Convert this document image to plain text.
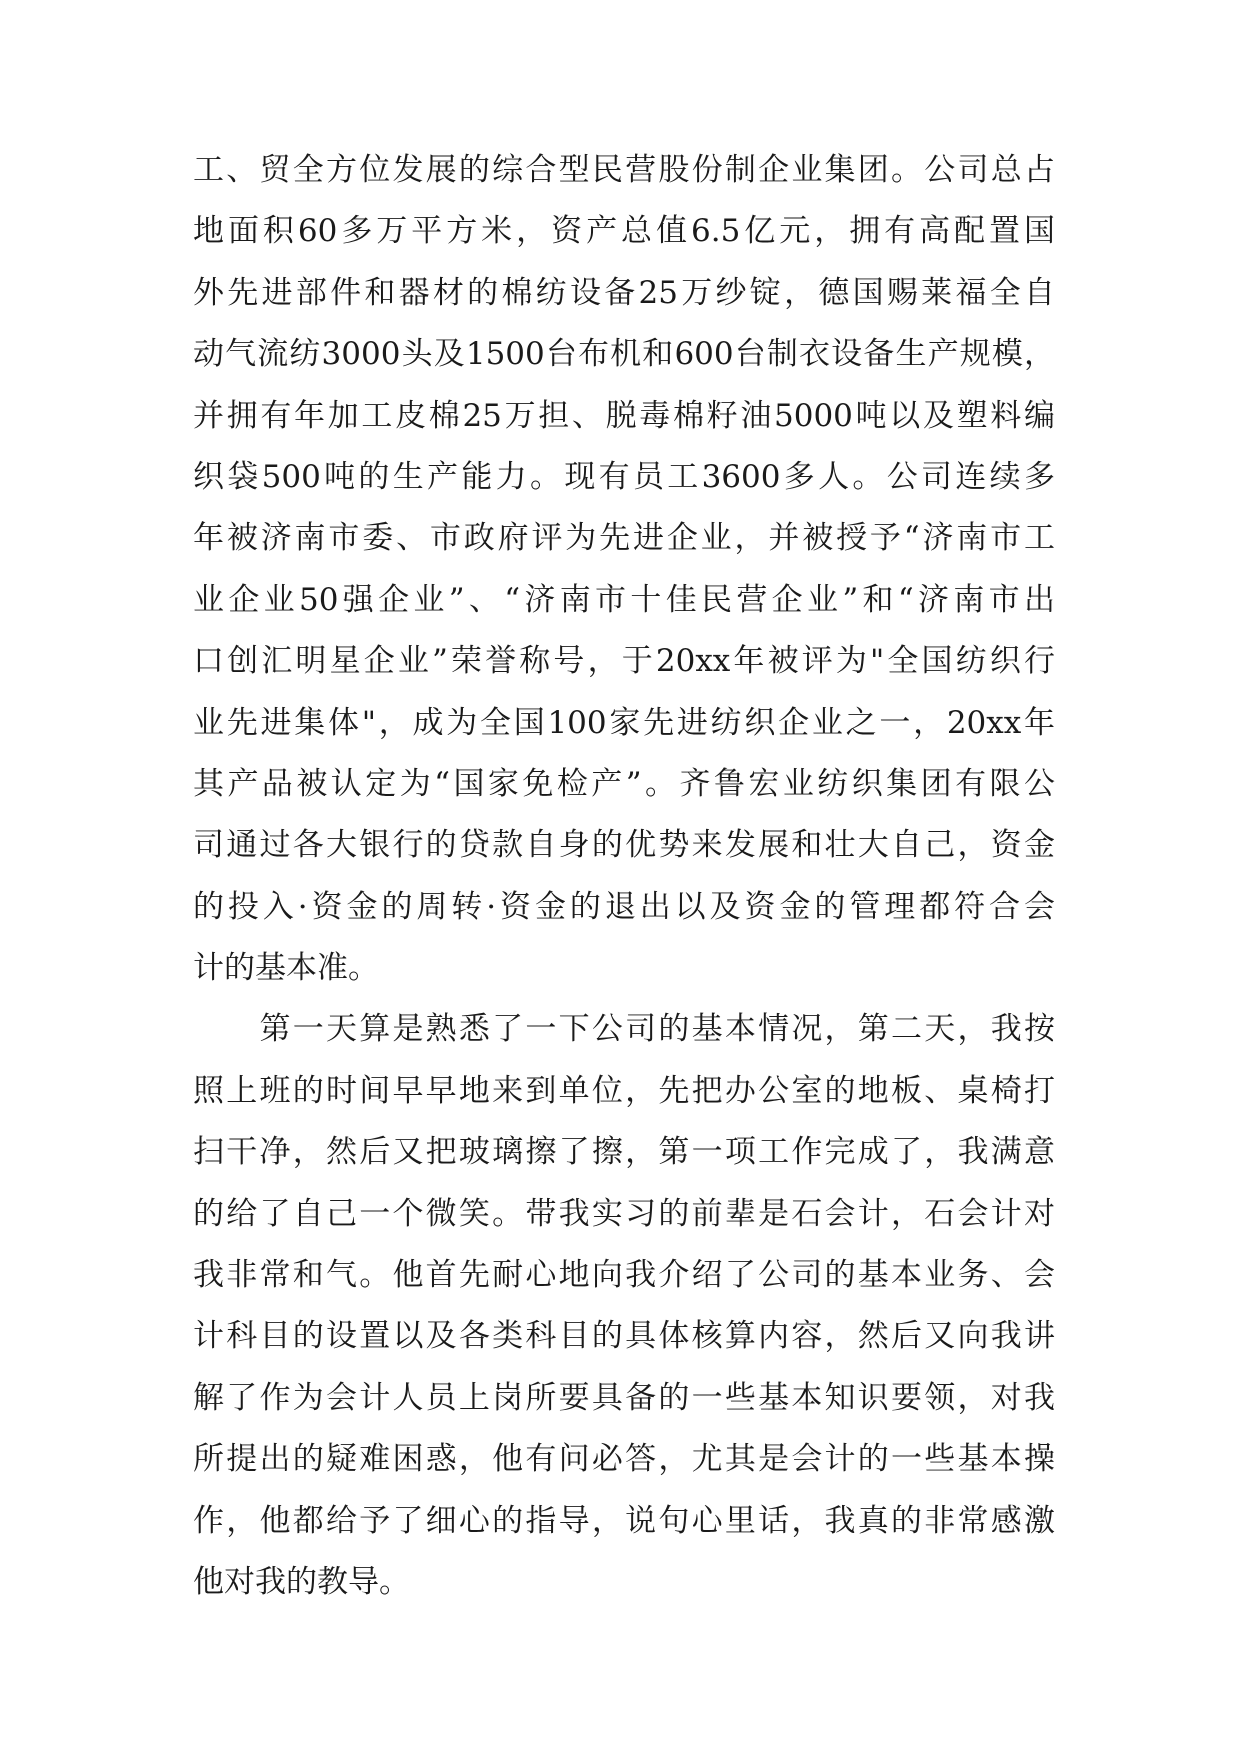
工、贸全方位发展的综合型民营股份制企业集团。公司总占
地面积60多万平方米，资产总值6.5亿元，拥有高配置国
外先进部件和器材的棉纺设备25万纱锭，德国赐莱福全自
动气流纺3000头及1500台布机和600台制衣设备生产规模，
并拥有年加工皮棉25万担、脱毒棉籽油5000吨以及塑料编
织袋500吨的生产能力。现有员工3600多人。公司连续多
年被济南市委、市政府评为先进企业，并被授予“济南市工
业企业50强企业”、“济南市十佳民营企业”和“济南市出
口创汇明星企业”荣誉称号，于20xx年被评为"全国纺织行
业先进集体"，成为全国100家先进纺织企业之一，20xx年
其产品被认定为“国家免检产”。齐鲁宏业纺织集团有限公
司通过各大银行的贷款自身的优势来发展和壮大自己，资金
的投入·资金的周转·资金的退出以及资金的管理都符合会
计的基本准。
　　第一天算是熟悉了一下公司的基本情况，第二天，我按
照上班的时间早早地来到单位，先把办公室的地板、桌椅打
扫干净，然后又把玻璃擦了擦，第一项工作完成了，我满意
的给了自己一个微笑。带我实习的前辈是石会计，石会计对
我非常和气。他首先耐心地向我介绍了公司的基本业务、会
计科目的设置以及各类科目的具体核算内容，然后又向我讲
解了作为会计人员上岗所要具备的一些基本知识要领，对我
所提出的疑难困惑，他有问必答，尤其是会计的一些基本操
作，他都给予了细心的指导，说句心里话，我真的非常感激
他对我的教导。
